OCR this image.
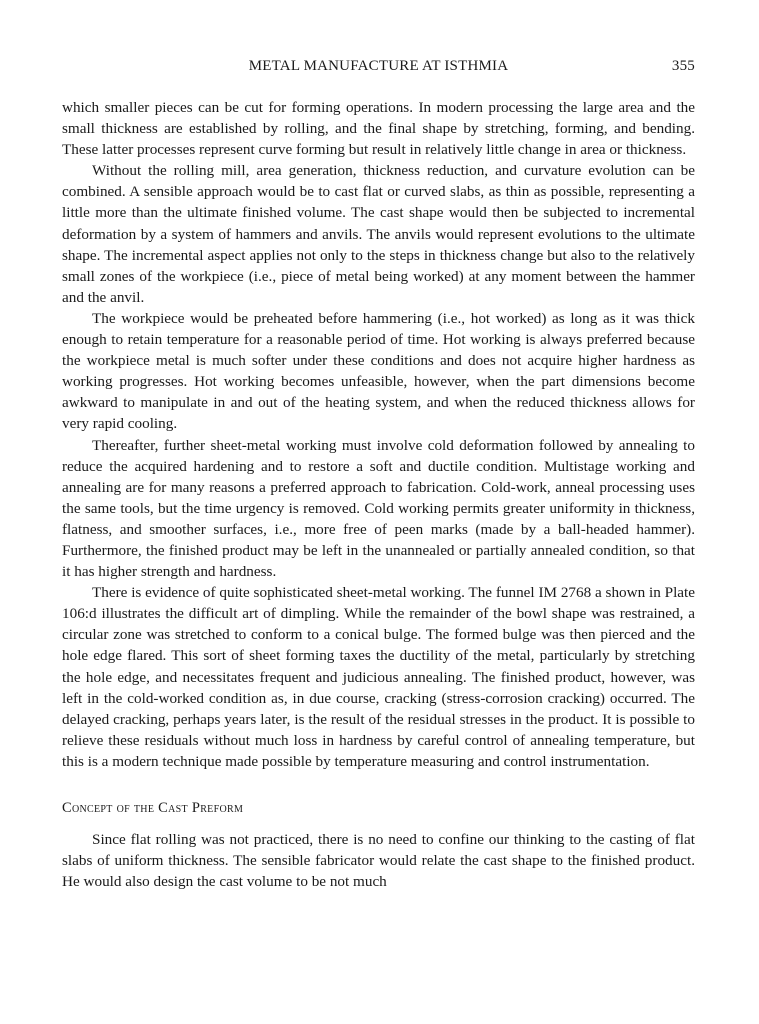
METAL MANUFACTURE AT ISTHMIA	355

which smaller pieces can be cut for forming operations. In modern processing the large area and the small thickness are established by rolling, and the final shape by stretching, forming, and bending. These latter processes represent curve forming but result in relatively little change in area or thickness.

Without the rolling mill, area generation, thickness reduction, and curvature evolution can be combined. A sensible approach would be to cast flat or curved slabs, as thin as possible, representing a little more than the ultimate finished volume. The cast shape would then be subjected to incremental deformation by a system of hammers and anvils. The anvils would represent evolutions to the ultimate shape. The incremental aspect applies not only to the steps in thickness change but also to the relatively small zones of the workpiece (i.e., piece of metal being worked) at any moment between the hammer and the anvil.

The workpiece would be preheated before hammering (i.e., hot worked) as long as it was thick enough to retain temperature for a reasonable period of time. Hot working is always preferred because the workpiece metal is much softer under these conditions and does not acquire higher hardness as working progresses. Hot working becomes unfeasible, however, when the part dimensions become awkward to manipulate in and out of the heating system, and when the reduced thickness allows for very rapid cooling.

Thereafter, further sheet-metal working must involve cold deformation followed by annealing to reduce the acquired hardening and to restore a soft and ductile condition. Multistage working and annealing are for many reasons a preferred approach to fabrication. Cold-work, anneal processing uses the same tools, but the time urgency is removed. Cold working permits greater uniformity in thickness, flatness, and smoother surfaces, i.e., more free of peen marks (made by a ball-headed hammer). Furthermore, the finished product may be left in the unannealed or partially annealed condition, so that it has higher strength and hardness.

There is evidence of quite sophisticated sheet-metal working. The funnel IM 2768 a shown in Plate 106:d illustrates the difficult art of dimpling. While the remainder of the bowl shape was restrained, a circular zone was stretched to conform to a conical bulge. The formed bulge was then pierced and the hole edge flared. This sort of sheet forming taxes the ductility of the metal, particularly by stretching the hole edge, and necessitates frequent and judicious annealing. The finished product, however, was left in the cold-worked condition as, in due course, cracking (stress-corrosion cracking) occurred. The delayed cracking, perhaps years later, is the result of the residual stresses in the product. It is possible to relieve these residuals without much loss in hardness by careful control of annealing temperature, but this is a modern technique made possible by temperature measuring and control instrumentation.

Concept of the Cast Preform

Since flat rolling was not practiced, there is no need to confine our thinking to the casting of flat slabs of uniform thickness. The sensible fabricator would relate the cast shape to the finished product. He would also design the cast volume to be not much
